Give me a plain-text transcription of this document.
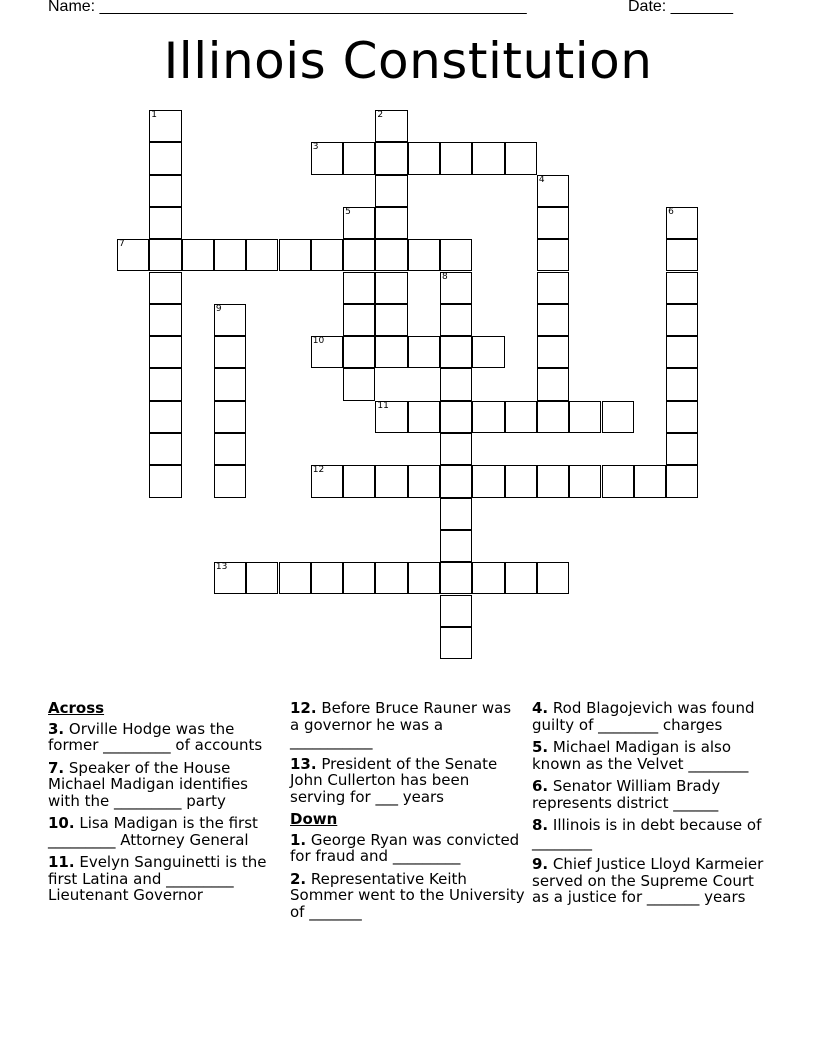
Name: ________________________________________________	Date: _______
Illinois Constitution
1	2
3
4
5	6
7
8
9
10
11
12
13
Across
3. Orville Hodge was the former _________ of accounts
7. Speaker of the House Michael Madigan identifies with the _________ party
10. Lisa Madigan is the first _________ Attorney General
11. Evelyn Sanguinetti is the first Latina and _________ Lieutenant Governor
12. Before Bruce Rauner was a governor he was a ___________
13. President of the Senate John Cullerton has been serving for ___ years
Down
1. George Ryan was convicted for fraud and _________
2. Representative Keith Sommer went to the University of _______
4. Rod Blagojevich was found guilty of ________ charges
5. Michael Madigan is also known as the Velvet ________
6. Senator William Brady represents district ______
8. Illinois is in debt because of ________
9. Chief Justice Lloyd Karmeier served on the Supreme Court as a justice for _______ years
